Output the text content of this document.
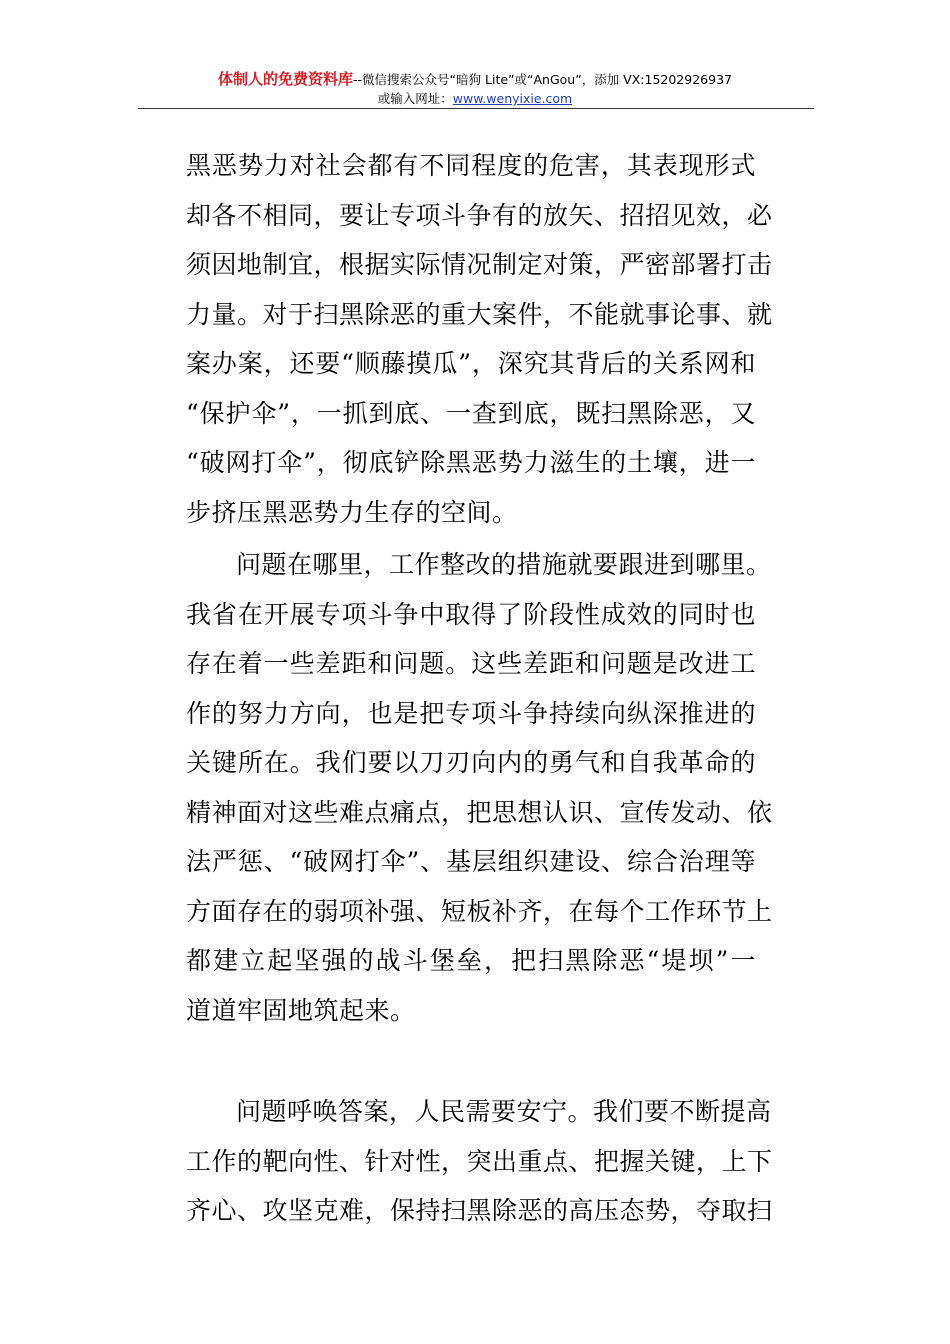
体制人的免费资料库--微信搜索公众号“暗狗 Lite”或“AnGou”，添加 VX:15202926937
或输入网址：www.wenyixie.com
黑恶势力对社会都有不同程度的危害，其表现形式
却各不相同，要让专项斗争有的放矢、招招见效，必
须因地制宜，根据实际情况制定对策，严密部署打击
力量。对于扫黑除恶的重大案件，不能就事论事、就
案办案，还要“顺藤摸瓜”，深究其背后的关系网和
“保护伞”，一抓到底、一查到底，既扫黑除恶，又
“破网打伞”，彻底铲除黑恶势力滋生的土壤，进一
步挤压黑恶势力生存的空间。
问题在哪里，工作整改的措施就要跟进到哪里。
我省在开展专项斗争中取得了阶段性成效的同时也
存在着一些差距和问题。这些差距和问题是改进工
作的努力方向，也是把专项斗争持续向纵深推进的
关键所在。我们要以刀刃向内的勇气和自我革命的
精神面对这些难点痛点，把思想认识、宣传发动、依
法严惩、“破网打伞”、基层组织建设、综合治理等
方面存在的弱项补强、短板补齐，在每个工作环节上
都建立起坚强的战斗堡垒，把扫黑除恶“堤坝”一
道道牢固地筑起来。
问题呼唤答案，人民需要安宁。我们要不断提高
工作的靶向性、针对性，突出重点、把握关键，上下
齐心、攻坚克难，保持扫黑除恶的高压态势，夺取扫
